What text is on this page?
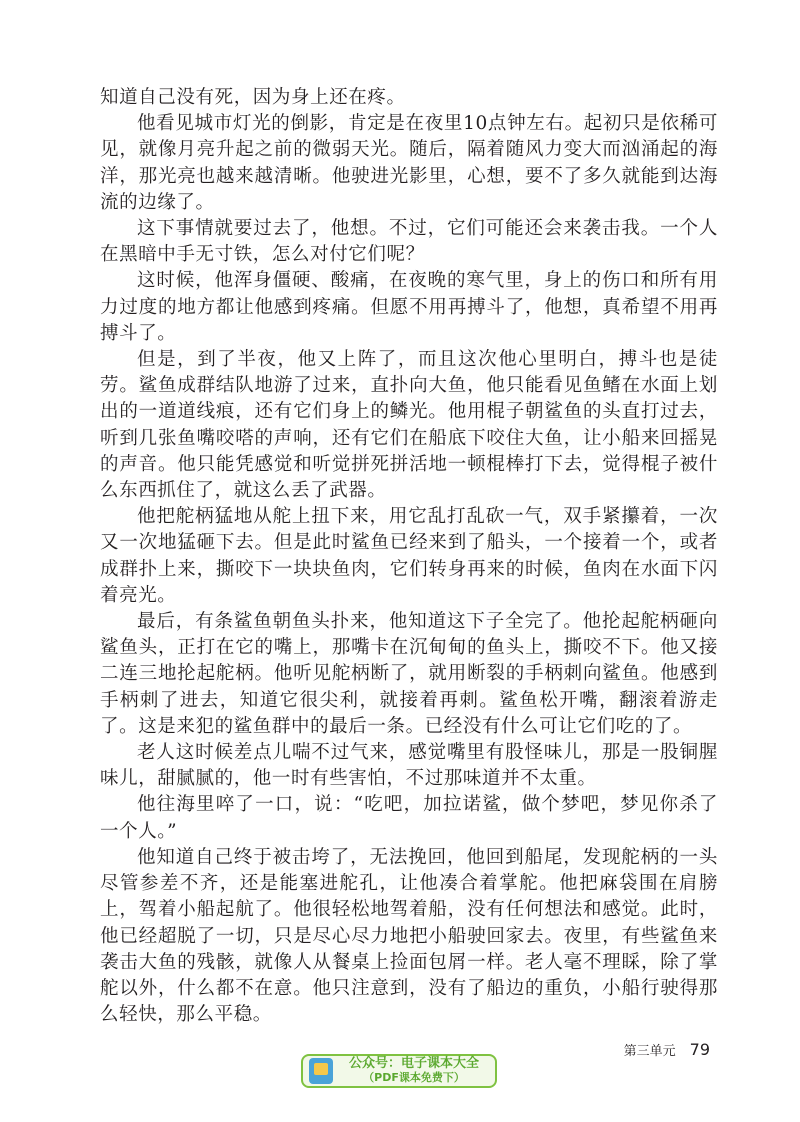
知道自己没有死，因为身上还在疼。

他看见城市灯光的倒影，肯定是在夜里10点钟左右。起初只是依稀可见，就像月亮升起之前的微弱天光。随后，隔着随风力变大而汹涌起的海洋，那光亮也越来越清晰。他驶进光影里，心想，要不了多久就能到达海流的边缘了。

这下事情就要过去了，他想。不过，它们可能还会来袭击我。一个人在黑暗中手无寸铁，怎么对付它们呢？

这时候，他浑身僵硬、酸痛，在夜晚的寒气里，身上的伤口和所有用力过度的地方都让他感到疼痛。但愿不用再搏斗了，他想，真希望不用再搏斗了。

但是，到了半夜，他又上阵了，而且这次他心里明白，搏斗也是徒劳。鲨鱼成群结队地游了过来，直扑向大鱼，他只能看见鱼鳍在水面上划出的一道道线痕，还有它们身上的鳞光。他用棍子朝鲨鱼的头直打过去，听到几张鱼嘴咬嗒的声响，还有它们在船底下咬住大鱼，让小船来回摇晃的声音。他只能凭感觉和听觉拼死拼活地一顿棍棒打下去，觉得棍子被什么东西抓住了，就这么丢了武器。

他把舵柄猛地从舵上扭下来，用它乱打乱砍一气，双手紧攥着，一次又一次地猛砸下去。但是此时鲨鱼已经来到了船头，一个接着一个，或者成群扑上来，撕咬下一块块鱼肉，它们转身再来的时候，鱼肉在水面下闪着亮光。

最后，有条鲨鱼朝鱼头扑来，他知道这下子全完了。他抡起舵柄砸向鲨鱼头，正打在它的嘴上，那嘴卡在沉甸甸的鱼头上，撕咬不下。他又接二连三地抡起舵柄。他听见舵柄断了，就用断裂的手柄刺向鲨鱼。他感到手柄刺了进去，知道它很尖利，就接着再刺。鲨鱼松开嘴，翻滚着游走了。这是来犯的鲨鱼群中的最后一条。已经没有什么可让它们吃的了。

老人这时候差点儿喘不过气来，感觉嘴里有股怪味儿，那是一股铜腥味儿，甜腻腻的，他一时有些害怕，不过那味道并不太重。

他往海里啐了一口，说：“吃吧，加拉诺鲨，做个梦吧，梦见你杀了一个人。”

他知道自己终于被击垮了，无法挽回，他回到船尾，发现舵柄的一头尽管参差不齐，还是能塞进舵孔，让他凑合着掌舵。他把麻袋围在肩膀上，驾着小船起航了。他很轻松地驾着船，没有任何想法和感觉。此时，他已经超脱了一切，只是尽心尽力地把小船驶回家去。夜里，有些鲨鱼来袭击大鱼的残骸，就像人从餐桌上捡面包屑一样。老人毫不理睬，除了掌舵以外，什么都不在意。他只注意到，没有了船边的重负，小船行驶得那么轻快，那么平稳。

第三单元 79
公众号：电子课本大全
（PDF课本免费下）
